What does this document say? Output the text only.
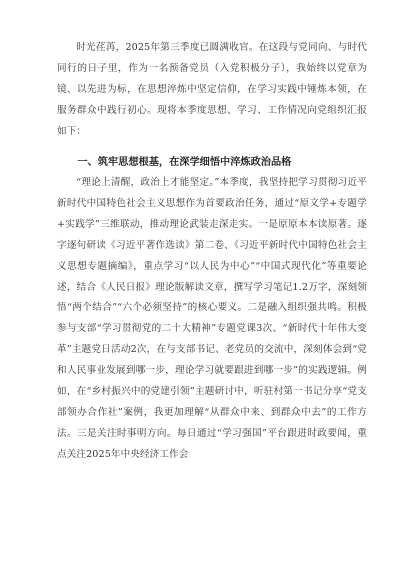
时光荏苒，2025年第三季度已圆满收官。在这段与党同向、与时代同行的日子里，作为一名预备党员（入党积极分子），我始终以党章为镜、以先进为标，在思想淬炼中坚定信仰，在学习实践中锤炼本领，在服务群众中践行初心。现将本季度思想、学习、工作情况向党组织汇报如下：

一、筑牢思想根基，在深学细悟中淬炼政治品格

“理论上清醒，政治上才能坚定。”本季度，我坚持把学习贯彻习近平新时代中国特色社会主义思想作为首要政治任务，通过“原文学+专题学+实践学”三维联动，推动理论武装走深走实。一是原原本本读原著。逐字逐句研读《习近平著作选读》第二卷、《习近平新时代中国特色社会主义思想专题摘编》，重点学习“以人民为中心”“中国式现代化”等重要论述，结合《人民日报》理论版解读文章，撰写学习笔记1.2万字，深刻领悟“两个结合”“六个必须坚持”的核心要义。二是融入组织强共鸣。积极参与支部“学习贯彻党的二十大精神”专题党课3次、“新时代十年伟大变革”主题党日活动2次，在与支部书记、老党员的交流中，深刻体会到“党和人民事业发展到哪一步，理论学习就要跟进到哪一步”的实践逻辑。例如，在“乡村振兴中的党建引领”主题研讨中，听驻村第一书记分享“党支部领办合作社”案例，我更加理解“从群众中来、到群众中去”的工作方法。三是关注时事明方向。每日通过“学习强国”平台跟进时政要闻，重点关注2025年中央经济工作会
